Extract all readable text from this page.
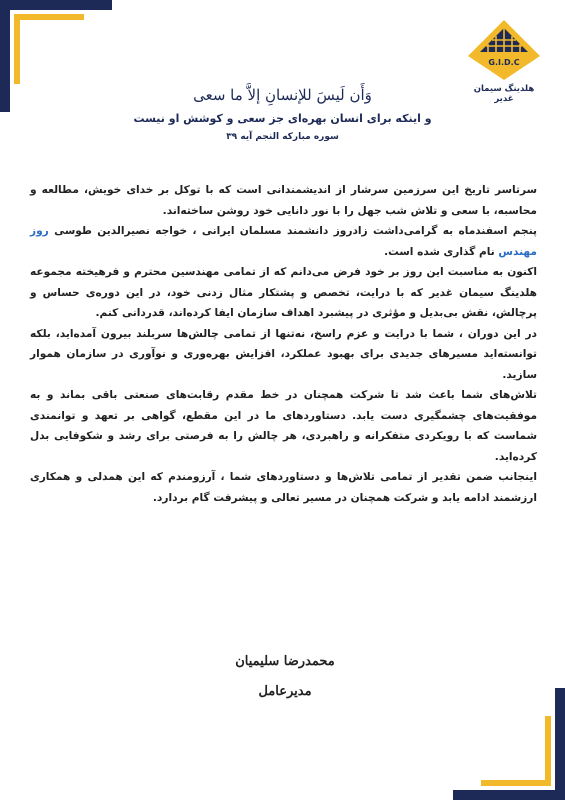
G.I.D.C
هلدینگ سیمان غدیر
وَأَن لَیسَ للإنسانِ إلاَّ ما سعی
و اینکه برای انسان بهره‌ای جز سعی و کوشش او نیست
سوره مبارکه النجم آیه ۳۹

سرتاسر تاریخ این سرزمین سرشار از اندیشمندانی است که با توکل بر خدای خویش، مطالعه و محاسبه، با سعی و تلاش شب جهل را با نور دانایی خود روشن ساخته‌اند.

پنجم اسفندماه به گرامی‌داشت زادروز دانشمند مسلمان ایرانی ، خواجه نصیرالدین طوسی روز مهندس نام گذاری شده است.

اکنون به مناسبت این روز بر خود فرض می‌دانم که از تمامی مهندسین محترم و فرهیخته مجموعه هلدینگ سیمان غدیر که با درایت، تخصص و پشتکار مثال زدنی خود، در این دوره‌ی حساس و پرچالش، نقش بی‌بدیل و مؤثری در پیشبرد اهداف سازمان ایفا کرده‌اند، قدردانی کنم.

در این دوران ، شما با درایت و عزم راسخ، نه‌تنها از تمامی چالش‌ها سربلند بیرون آمده‌اید، بلکه توانسته‌اید مسیرهای جدیدی برای بهبود عملکرد، افزایش بهره‌وری و نوآوری در سازمان هموار سازید.

تلاش‌های شما باعث شد تا شرکت همچنان در خط مقدم رقابت‌های صنعتی باقی بماند و به موفقیت‌های چشمگیری دست یابد. دستاوردهای ما در این مقطع، گواهی بر تعهد و توانمندی شماست که با رویکردی متفکرانه و راهبردی، هر چالش را به فرصتی برای رشد و شکوفایی بدل کرده‌اید.

اینجانب ضمن تقدیر از تمامی تلاش‌ها و دستاوردهای شما ، آرزومندم که این همدلی و همکاری ارزشمند ادامه یابد و شرکت همچنان در مسیر تعالی و پیشرفت گام بردارد.

محمدرضا سلیمیان
مدیرعامل
